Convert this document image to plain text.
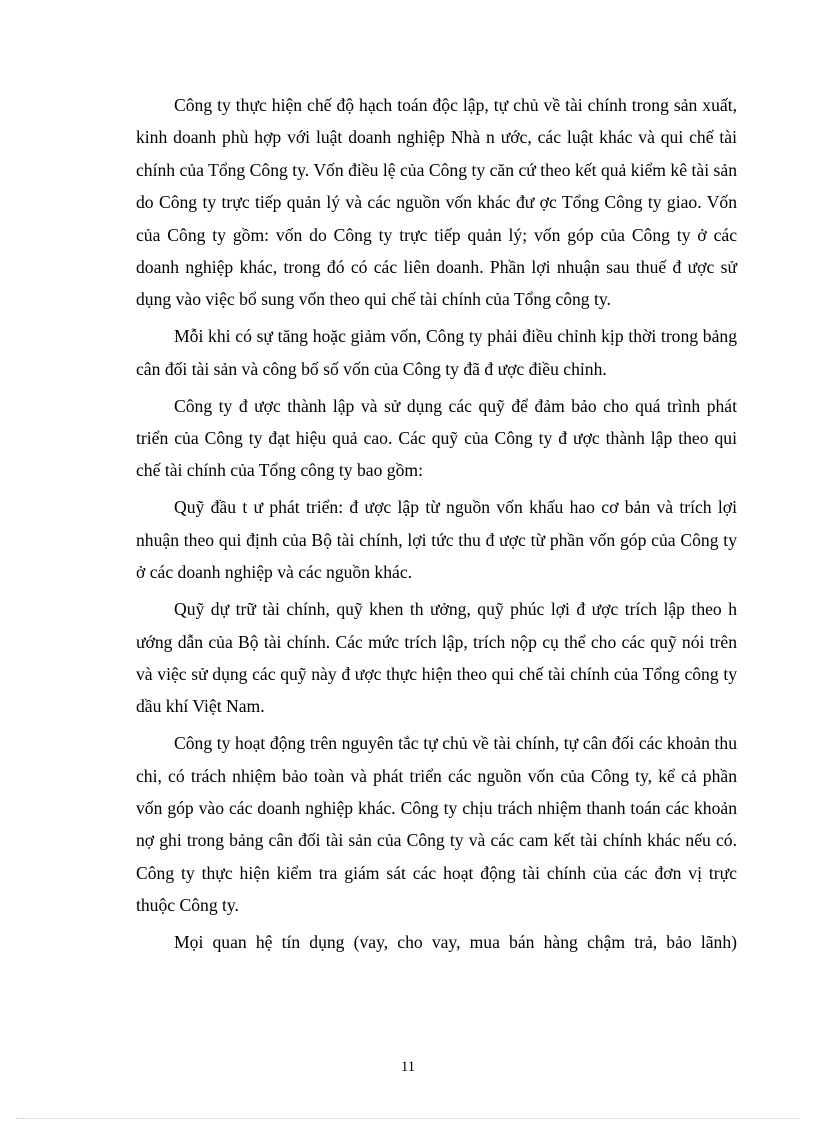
Công ty thực hiện chế độ hạch toán độc lập, tự chủ về tài chính trong sản xuất, kinh doanh phù hợp với luật doanh nghiệp Nhà n ước, các luật khác và qui chế tài chính của Tổng Công ty. Vốn điều lệ của Công ty căn cứ theo kết quả kiểm kê tài sản do Công ty trực tiếp quản lý và các nguồn vốn khác đư ợc Tổng Công ty giao. Vốn của Công ty gồm: vốn do Công ty trực tiếp quản lý; vốn góp của Công ty ở các doanh nghiệp khác, trong đó có các liên doanh. Phần lợi nhuận sau thuế đ ược sử dụng vào việc bổ sung vốn theo qui chế tài chính của Tổng công ty.

Mỗi khi có sự tăng hoặc giảm vốn, Công ty phải điều chỉnh kịp thời trong bảng cân đối tài sản và công bố số vốn của Công ty đã đ ược điều chỉnh.

Công ty đ ược thành lập và sử dụng các quỹ để đảm bảo cho quá trình phát triển của Công ty đạt hiệu quả cao. Các quỹ của Công ty đ ược thành lập theo qui chế tài chính của Tổng công ty bao gồm:

Quỹ đầu t ư phát triển: đ ược lập từ nguồn vốn khấu hao cơ bản và trích lợi nhuận theo qui định của Bộ tài chính, lợi tức thu đ ược từ phần vốn góp của Công ty ở các doanh nghiệp và các nguồn khác.

Quỹ dự trữ tài chính, quỹ khen th ưởng, quỹ phúc lợi đ ược trích lập theo h ướng dẫn của Bộ tài chính. Các mức trích lập, trích nộp cụ thể cho các quỹ nói trên và việc sử dụng các quỹ này đ ược thực hiện theo qui chế tài chính của Tổng công ty dầu khí Việt Nam.

Công ty hoạt động trên nguyên tắc tự chủ về tài chính, tự cân đối các khoản thu chi, có trách nhiệm bảo toàn và phát triển các nguồn vốn của Công ty, kể cả phần vốn góp vào các doanh nghiệp khác. Công ty chịu trách nhiệm thanh toán các khoản nợ ghi trong bảng cân đối tài sản của Công ty và các cam kết tài chính khác nếu có. Công ty thực hiện kiểm tra giám sát các hoạt động tài chính của các đơn vị trực thuộc Công ty.

Mọi quan hệ tín dụng (vay, cho vay, mua bán hàng chậm trả, bảo lãnh)

11
